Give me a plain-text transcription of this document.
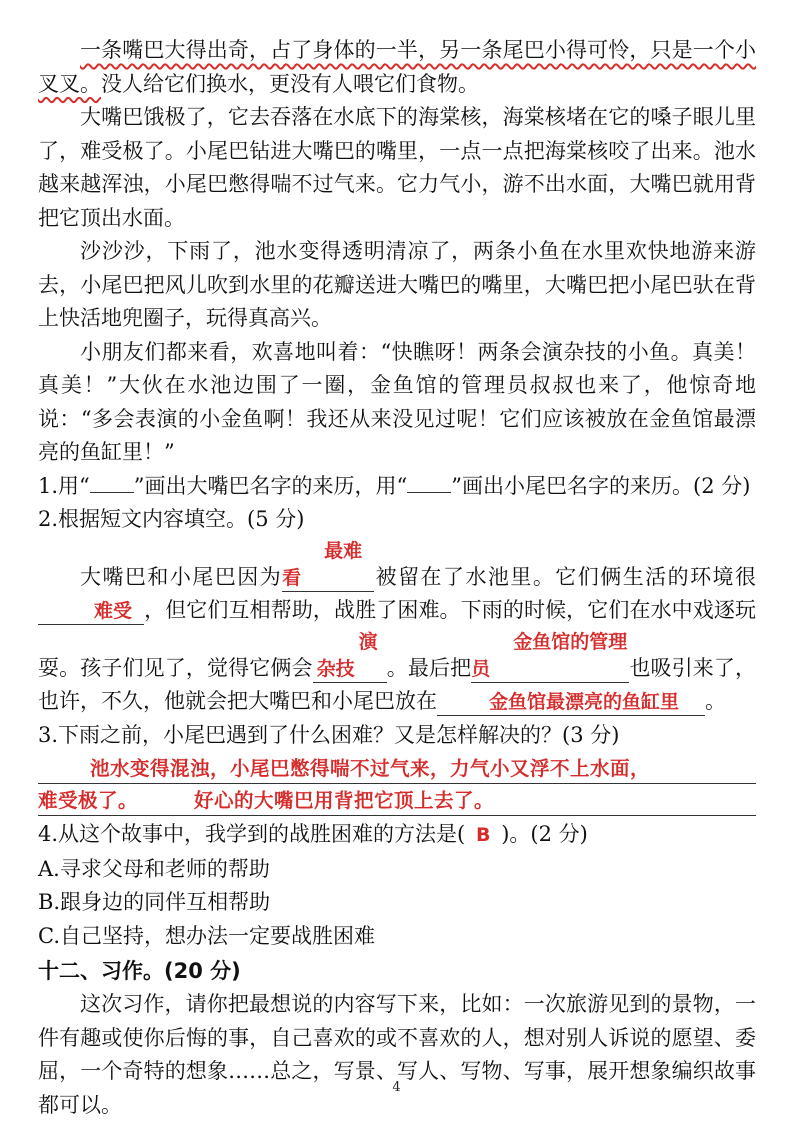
一条嘴巴大得出奇，占了身体的一半，另一条尾巴小得可怜，只是一个小叉叉。没人给它们换水，更没有人喂它们食物。

大嘴巴饿极了，它去吞落在水底下的海棠核，海棠核堵在它的嗓子眼儿里了，难受极了。小尾巴钻进大嘴巴的嘴里，一点一点把海棠核咬了出来。池水越来越浑浊，小尾巴憋得喘不过气来。它力气小，游不出水面，大嘴巴就用背把它顶出水面。

沙沙沙，下雨了，池水变得透明清凉了，两条小鱼在水里欢快地游来游去，小尾巴把风儿吹到水里的花瓣送进大嘴巴的嘴里，大嘴巴把小尾巴驮在背上快活地兜圈子，玩得真高兴。

小朋友们都来看，欢喜地叫着：“快瞧呀！两条会演杂技的小鱼。真美！真美！”大伙在水池边围了一圈，金鱼馆的管理员叔叔也来了，他惊奇地说：“多会表演的小金鱼啊！我还从来没见过呢！它们应该被放在金鱼馆最漂亮的鱼缸里！”

1.用“ ”画出大嘴巴名字的来历，用“ ”画出小尾巴名字的来历。(2 分)

2.根据短文内容填空。(5 分)

大嘴巴和小尾巴因为最难看	被留在了水池里。它们俩生活的环境很难受 ，但它们互相帮助，战胜了困难。下雨的时候，它们在水中戏逐玩耍。孩子们见了，觉得它俩会演杂技 。最后把金鱼馆的管理员	也吸引来了，也许，不久，他就会把大嘴巴和小尾巴放在	金鱼馆最漂亮的鱼缸里 。

3.下雨之前，小尾巴遇到了什么困难？又是怎样解决的？(3 分)

池水变得混浊，小尾巴憋得喘不过气来，力气小又浮不上水面，
难受极了。	好心的大嘴巴用背把它顶上去了。

4.从这个故事中，我学到的战胜困难的方法是( B )。(2 分)

A.寻求父母和老师的帮助

B.跟身边的同伴互相帮助

C.自己坚持，想办法一定要战胜困难

十二、习作。(20 分)

这次习作，请你把最想说的内容写下来，比如：一次旅游见到的景物，一件有趣或使你后悔的事，自己喜欢的或不喜欢的人，想对别人诉说的愿望、委屈，一个奇特的想象……总之，写景、写人、写物、写事，展开想象编织故事都可以。

4
